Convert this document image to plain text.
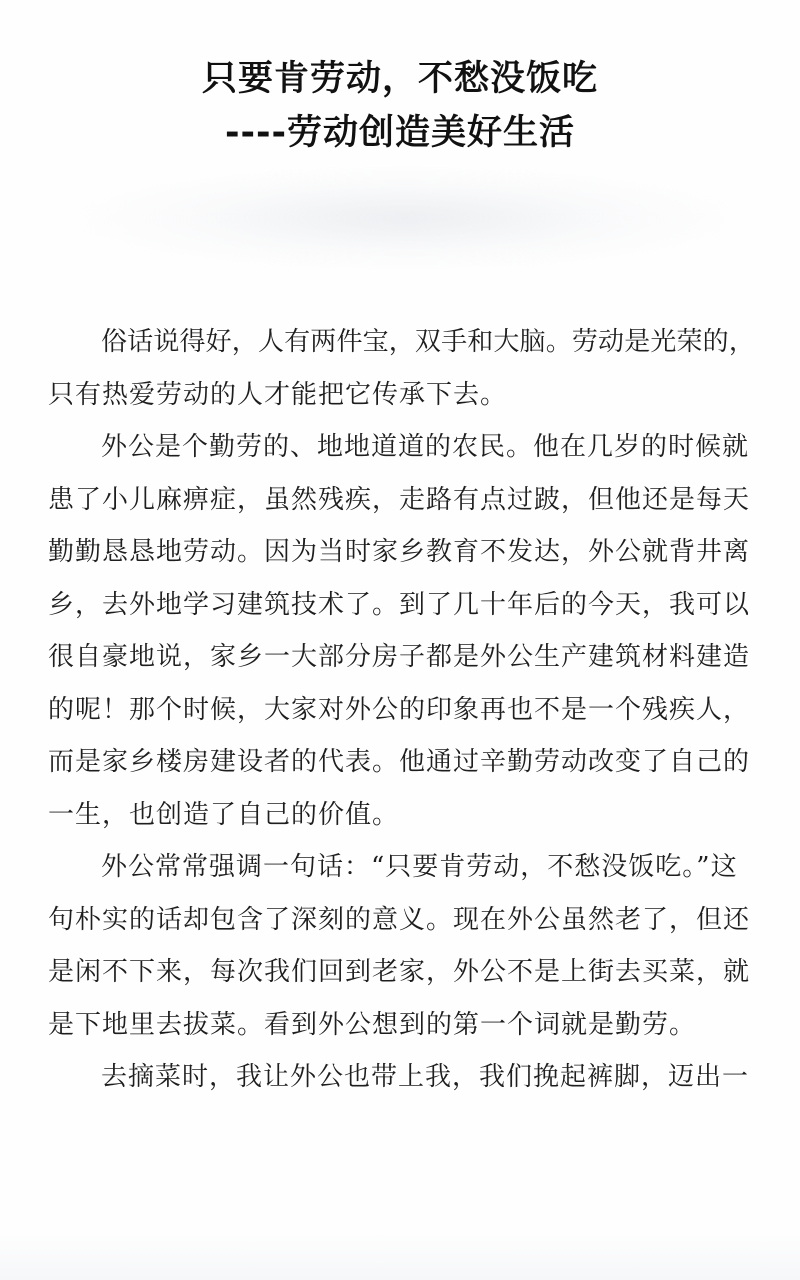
只要肯劳动，不愁没饭吃
----劳动创造美好生活
俗话说得好，人有两件宝，双手和大脑。劳动是光荣的，
只有热爱劳动的人才能把它传承下去。
外公是个勤劳的、地地道道的农民。他在几岁的时候就
患了小儿麻痹症，虽然残疾，走路有点过跛，但他还是每天
勤勤恳恳地劳动。因为当时家乡教育不发达，外公就背井离
乡，去外地学习建筑技术了。到了几十年后的今天，我可以
很自豪地说，家乡一大部分房子都是外公生产建筑材料建造
的呢！那个时候，大家对外公的印象再也不是一个残疾人，
而是家乡楼房建设者的代表。他通过辛勤劳动改变了自己的
一生，也创造了自己的价值。
外公常常强调一句话：“只要肯劳动，不愁没饭吃。”这
句朴实的话却包含了深刻的意义。现在外公虽然老了，但还
是闲不下来，每次我们回到老家，外公不是上街去买菜，就
是下地里去拔菜。看到外公想到的第一个词就是勤劳。
去摘菜时，我让外公也带上我，我们挽起裤脚，迈出一
